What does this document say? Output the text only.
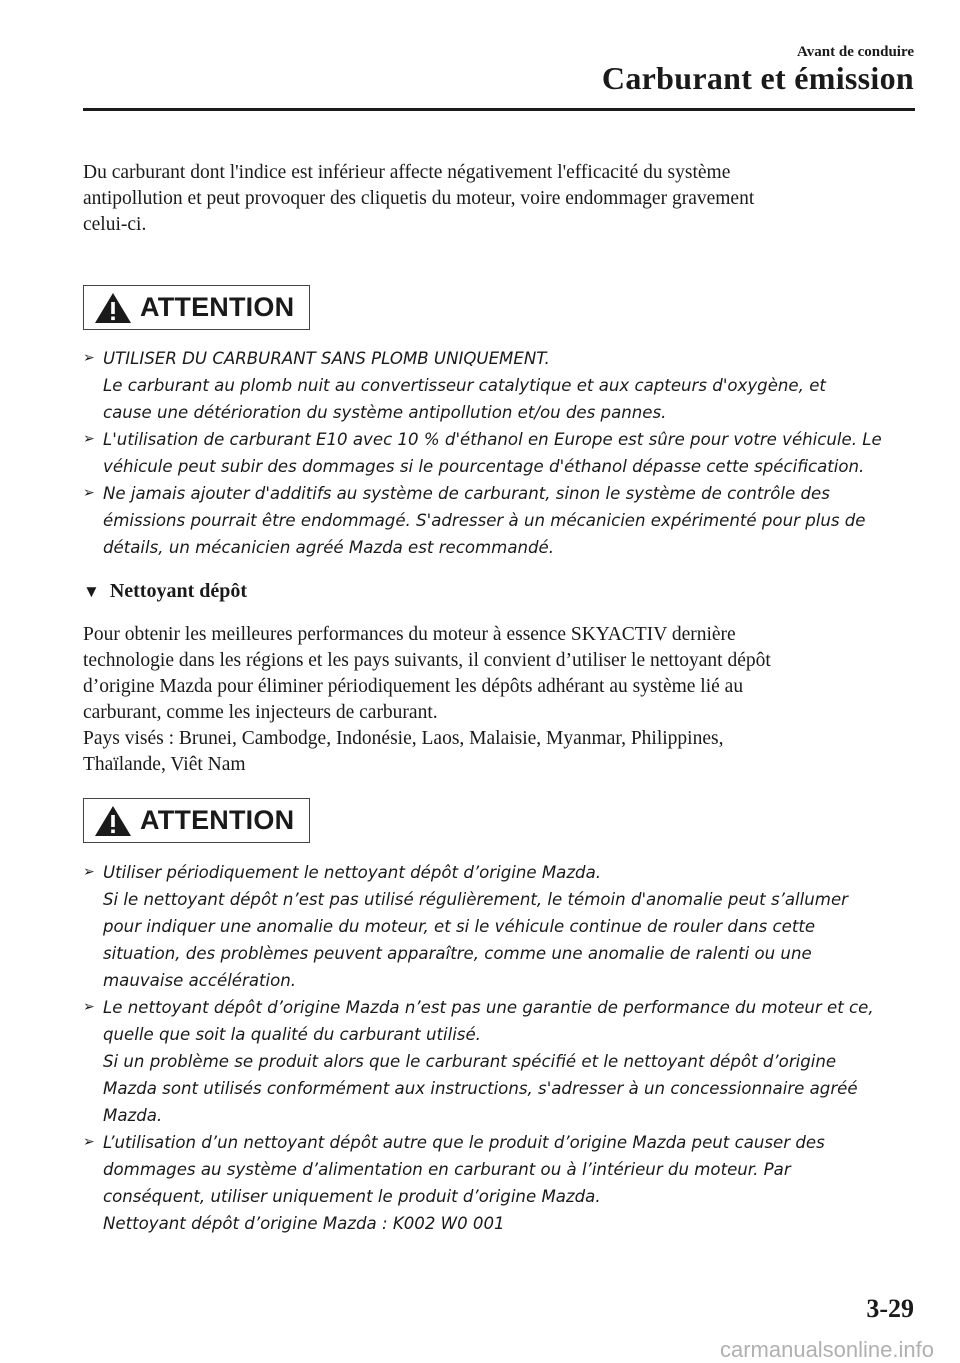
Avant de conduire
Carburant et émission

Du carburant dont l'indice est inférieur affecte négativement l'efficacité du système
antipollution et peut provoquer des cliquetis du moteur, voire endommager gravement
celui-ci.

ATTENTION
➢ UTILISER DU CARBURANT SANS PLOMB UNIQUEMENT.
Le carburant au plomb nuit au convertisseur catalytique et aux capteurs d'oxygène, et
cause une détérioration du système antipollution et/ou des pannes.
➢ L'utilisation de carburant E10 avec 10 % d'éthanol en Europe est sûre pour votre véhicule. Le
véhicule peut subir des dommages si le pourcentage d'éthanol dépasse cette spécification.
➢ Ne jamais ajouter d'additifs au système de carburant, sinon le système de contrôle des
émissions pourrait être endommagé. S'adresser à un mécanicien expérimenté pour plus de
détails, un mécanicien agréé Mazda est recommandé.
▼ Nettoyant dépôt

Pour obtenir les meilleures performances du moteur à essence SKYACTIV dernière
technologie dans les régions et les pays suivants, il convient d’utiliser le nettoyant dépôt
d’origine Mazda pour éliminer périodiquement les dépôts adhérant au système lié au
carburant, comme les injecteurs de carburant.
Pays visés : Brunei, Cambodge, Indonésie, Laos, Malaisie, Myanmar, Philippines,
Thaïlande, Viêt Nam

ATTENTION
➢ Utiliser périodiquement le nettoyant dépôt d’origine Mazda.
Si le nettoyant dépôt n’est pas utilisé régulièrement, le témoin d'anomalie peut s’allumer
pour indiquer une anomalie du moteur, et si le véhicule continue de rouler dans cette
situation, des problèmes peuvent apparaître, comme une anomalie de ralenti ou une
mauvaise accélération.
➢ Le nettoyant dépôt d’origine Mazda n’est pas une garantie de performance du moteur et ce,
quelle que soit la qualité du carburant utilisé.
Si un problème se produit alors que le carburant spécifié et le nettoyant dépôt d’origine
Mazda sont utilisés conformément aux instructions, s'adresser à un concessionnaire agréé
Mazda.
➢ L’utilisation d’un nettoyant dépôt autre que le produit d’origine Mazda peut causer des
dommages au système d’alimentation en carburant ou à l’intérieur du moteur. Par
conséquent, utiliser uniquement le produit d’origine Mazda.
Nettoyant dépôt d’origine Mazda : K002 W0 001
3-29
carmanualsonline.info
